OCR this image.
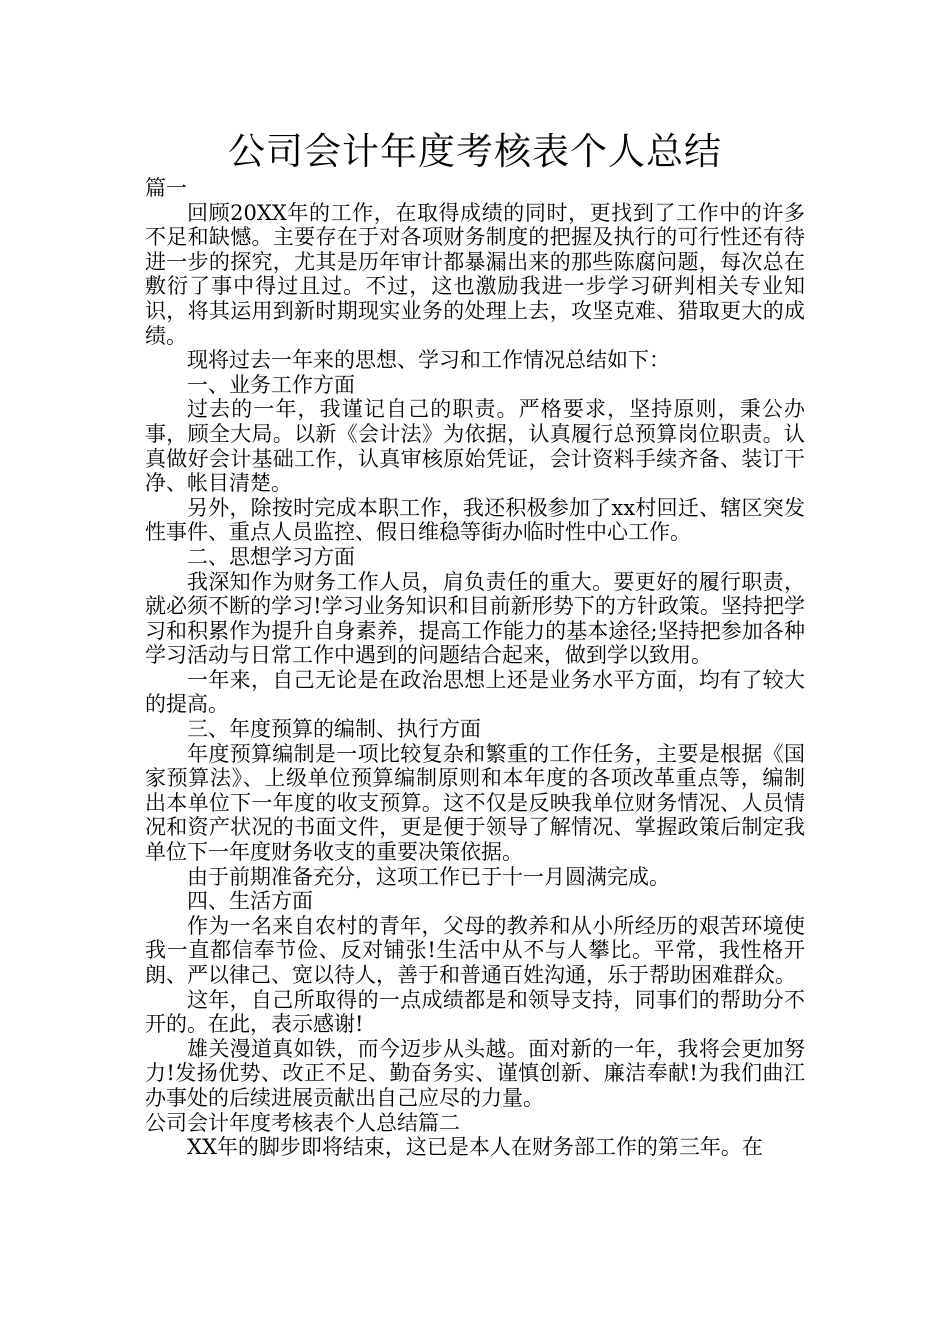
公司会计年度考核表个人总结

篇一

回顾20XX年的工作，在取得成绩的同时，更找到了工作中的许多不足和缺憾。主要存在于对各项财务制度的把握及执行的可行性还有待进一步的探究，尤其是历年审计都暴漏出来的那些陈腐问题，每次总在敷衍了事中得过且过。不过，这也激励我进一步学习研判相关专业知识，将其运用到新时期现实业务的处理上去，攻坚克难、猎取更大的成绩。

现将过去一年来的思想、学习和工作情况总结如下：

一、业务工作方面

过去的一年，我谨记自己的职责。严格要求，坚持原则，秉公办事，顾全大局。以新《会计法》为依据，认真履行总预算岗位职责。认真做好会计基础工作，认真审核原始凭证，会计资料手续齐备、装订干净、帐目清楚。

另外，除按时完成本职工作，我还积极参加了xx村回迁、辖区突发性事件、重点人员监控、假日维稳等街办临时性中心工作。

二、思想学习方面

我深知作为财务工作人员，肩负责任的重大。要更好的履行职责，就必须不断的学习!学习业务知识和目前新形势下的方针政策。坚持把学习和积累作为提升自身素养，提高工作能力的基本途径;坚持把参加各种学习活动与日常工作中遇到的问题结合起来，做到学以致用。

一年来，自己无论是在政治思想上还是业务水平方面，均有了较大的提高。

三、年度预算的编制、执行方面

年度预算编制是一项比较复杂和繁重的工作任务，主要是根据《国家预算法》、上级单位预算编制原则和本年度的各项改革重点等，编制出本单位下一年度的收支预算。这不仅是反映我单位财务情况、人员情况和资产状况的书面文件，更是便于领导了解情况、掌握政策后制定我单位下一年度财务收支的重要决策依据。

由于前期准备充分，这项工作已于十一月圆满完成。

四、生活方面

作为一名来自农村的青年，父母的教养和从小所经历的艰苦环境使我一直都信奉节俭、反对铺张!生活中从不与人攀比。平常，我性格开朗、严以律己、宽以待人，善于和普通百姓沟通，乐于帮助困难群众。

这年，自己所取得的一点成绩都是和领导支持，同事们的帮助分不开的。在此，表示感谢!

雄关漫道真如铁，而今迈步从头越。面对新的一年，我将会更加努力!发扬优势、改正不足、勤奋务实、谨慎创新、廉洁奉献!为我们曲江办事处的后续进展贡献出自己应尽的力量。

公司会计年度考核表个人总结篇二

XX年的脚步即将结束，这已是本人在财务部工作的第三年。在
